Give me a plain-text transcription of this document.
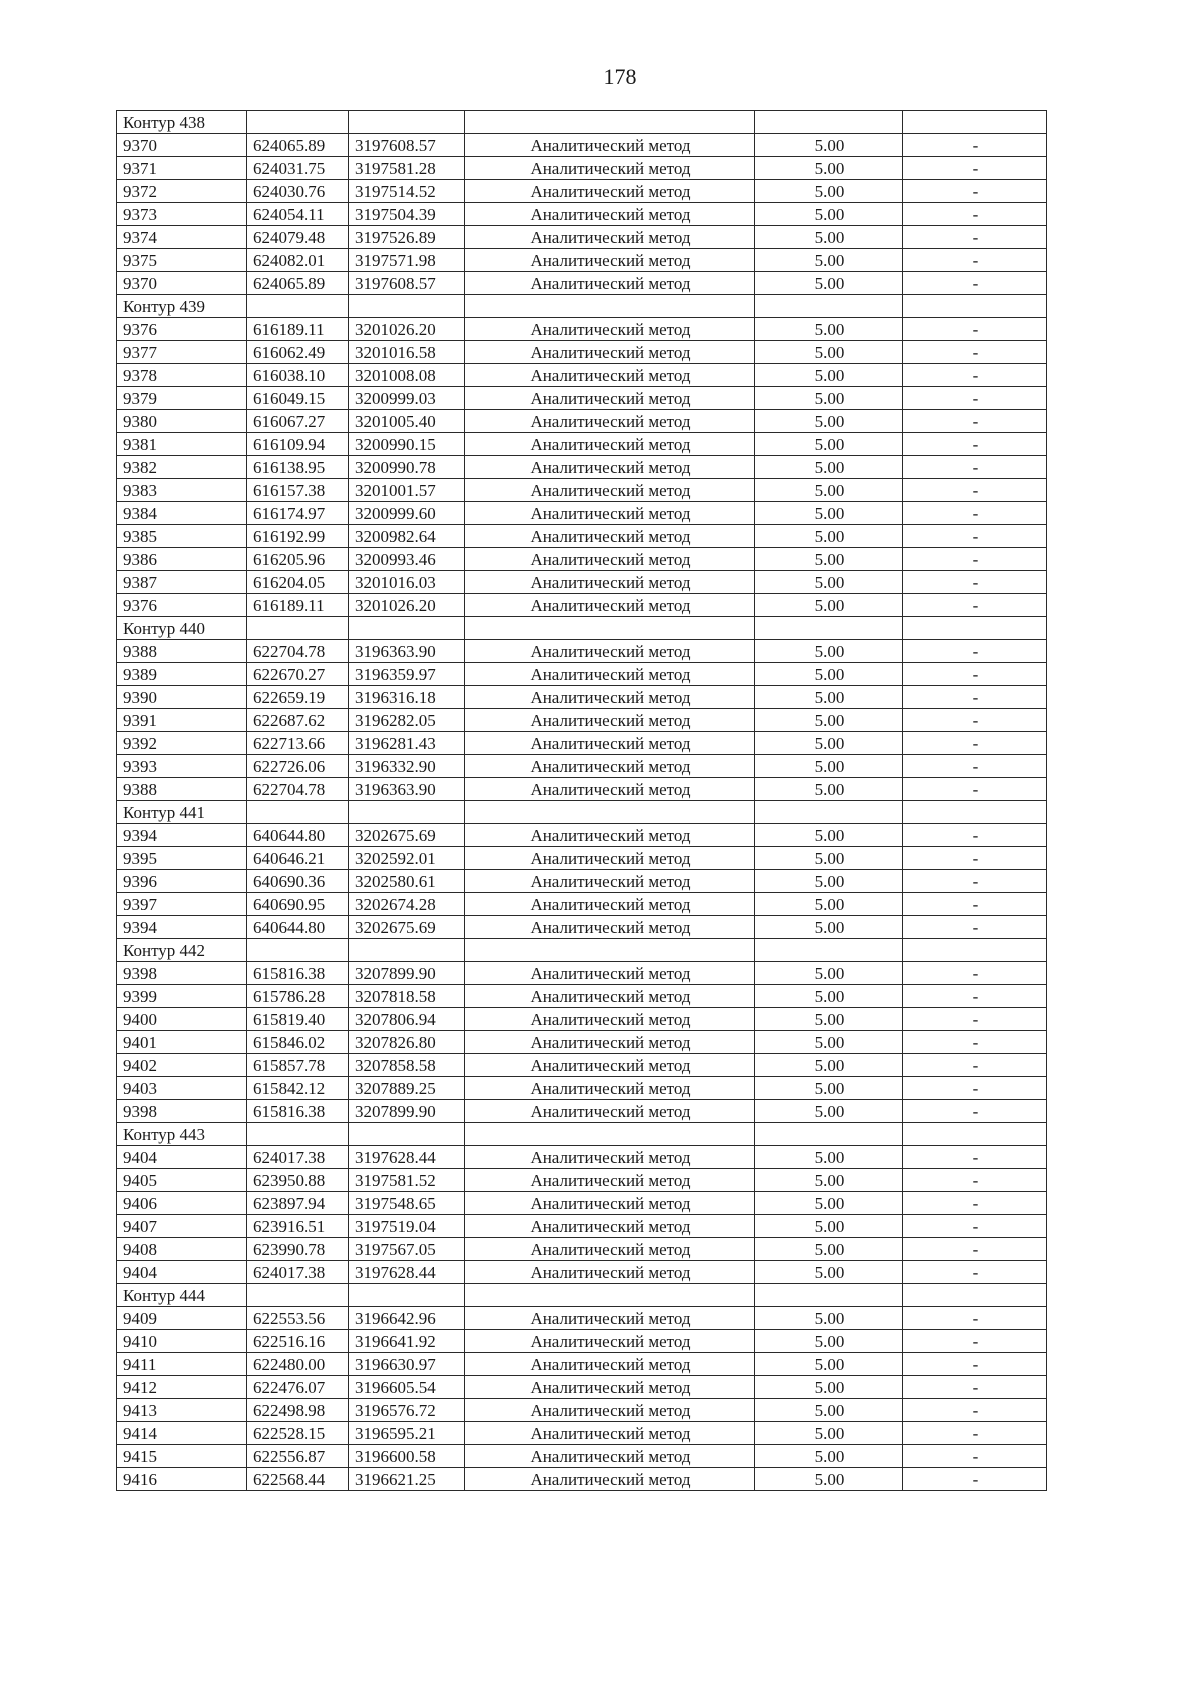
178
Контур 438					
9370	624065.89	3197608.57	Аналитический метод	5.00	-
9371	624031.75	3197581.28	Аналитический метод	5.00	-
9372	624030.76	3197514.52	Аналитический метод	5.00	-
9373	624054.11	3197504.39	Аналитический метод	5.00	-
9374	624079.48	3197526.89	Аналитический метод	5.00	-
9375	624082.01	3197571.98	Аналитический метод	5.00	-
9370	624065.89	3197608.57	Аналитический метод	5.00	-
Контур 439					
9376	616189.11	3201026.20	Аналитический метод	5.00	-
9377	616062.49	3201016.58	Аналитический метод	5.00	-
9378	616038.10	3201008.08	Аналитический метод	5.00	-
9379	616049.15	3200999.03	Аналитический метод	5.00	-
9380	616067.27	3201005.40	Аналитический метод	5.00	-
9381	616109.94	3200990.15	Аналитический метод	5.00	-
9382	616138.95	3200990.78	Аналитический метод	5.00	-
9383	616157.38	3201001.57	Аналитический метод	5.00	-
9384	616174.97	3200999.60	Аналитический метод	5.00	-
9385	616192.99	3200982.64	Аналитический метод	5.00	-
9386	616205.96	3200993.46	Аналитический метод	5.00	-
9387	616204.05	3201016.03	Аналитический метод	5.00	-
9376	616189.11	3201026.20	Аналитический метод	5.00	-
Контур 440					
9388	622704.78	3196363.90	Аналитический метод	5.00	-
9389	622670.27	3196359.97	Аналитический метод	5.00	-
9390	622659.19	3196316.18	Аналитический метод	5.00	-
9391	622687.62	3196282.05	Аналитический метод	5.00	-
9392	622713.66	3196281.43	Аналитический метод	5.00	-
9393	622726.06	3196332.90	Аналитический метод	5.00	-
9388	622704.78	3196363.90	Аналитический метод	5.00	-
Контур 441					
9394	640644.80	3202675.69	Аналитический метод	5.00	-
9395	640646.21	3202592.01	Аналитический метод	5.00	-
9396	640690.36	3202580.61	Аналитический метод	5.00	-
9397	640690.95	3202674.28	Аналитический метод	5.00	-
9394	640644.80	3202675.69	Аналитический метод	5.00	-
Контур 442					
9398	615816.38	3207899.90	Аналитический метод	5.00	-
9399	615786.28	3207818.58	Аналитический метод	5.00	-
9400	615819.40	3207806.94	Аналитический метод	5.00	-
9401	615846.02	3207826.80	Аналитический метод	5.00	-
9402	615857.78	3207858.58	Аналитический метод	5.00	-
9403	615842.12	3207889.25	Аналитический метод	5.00	-
9398	615816.38	3207899.90	Аналитический метод	5.00	-
Контур 443					
9404	624017.38	3197628.44	Аналитический метод	5.00	-
9405	623950.88	3197581.52	Аналитический метод	5.00	-
9406	623897.94	3197548.65	Аналитический метод	5.00	-
9407	623916.51	3197519.04	Аналитический метод	5.00	-
9408	623990.78	3197567.05	Аналитический метод	5.00	-
9404	624017.38	3197628.44	Аналитический метод	5.00	-
Контур 444					
9409	622553.56	3196642.96	Аналитический метод	5.00	-
9410	622516.16	3196641.92	Аналитический метод	5.00	-
9411	622480.00	3196630.97	Аналитический метод	5.00	-
9412	622476.07	3196605.54	Аналитический метод	5.00	-
9413	622498.98	3196576.72	Аналитический метод	5.00	-
9414	622528.15	3196595.21	Аналитический метод	5.00	-
9415	622556.87	3196600.58	Аналитический метод	5.00	-
9416	622568.44	3196621.25	Аналитический метод	5.00	-
